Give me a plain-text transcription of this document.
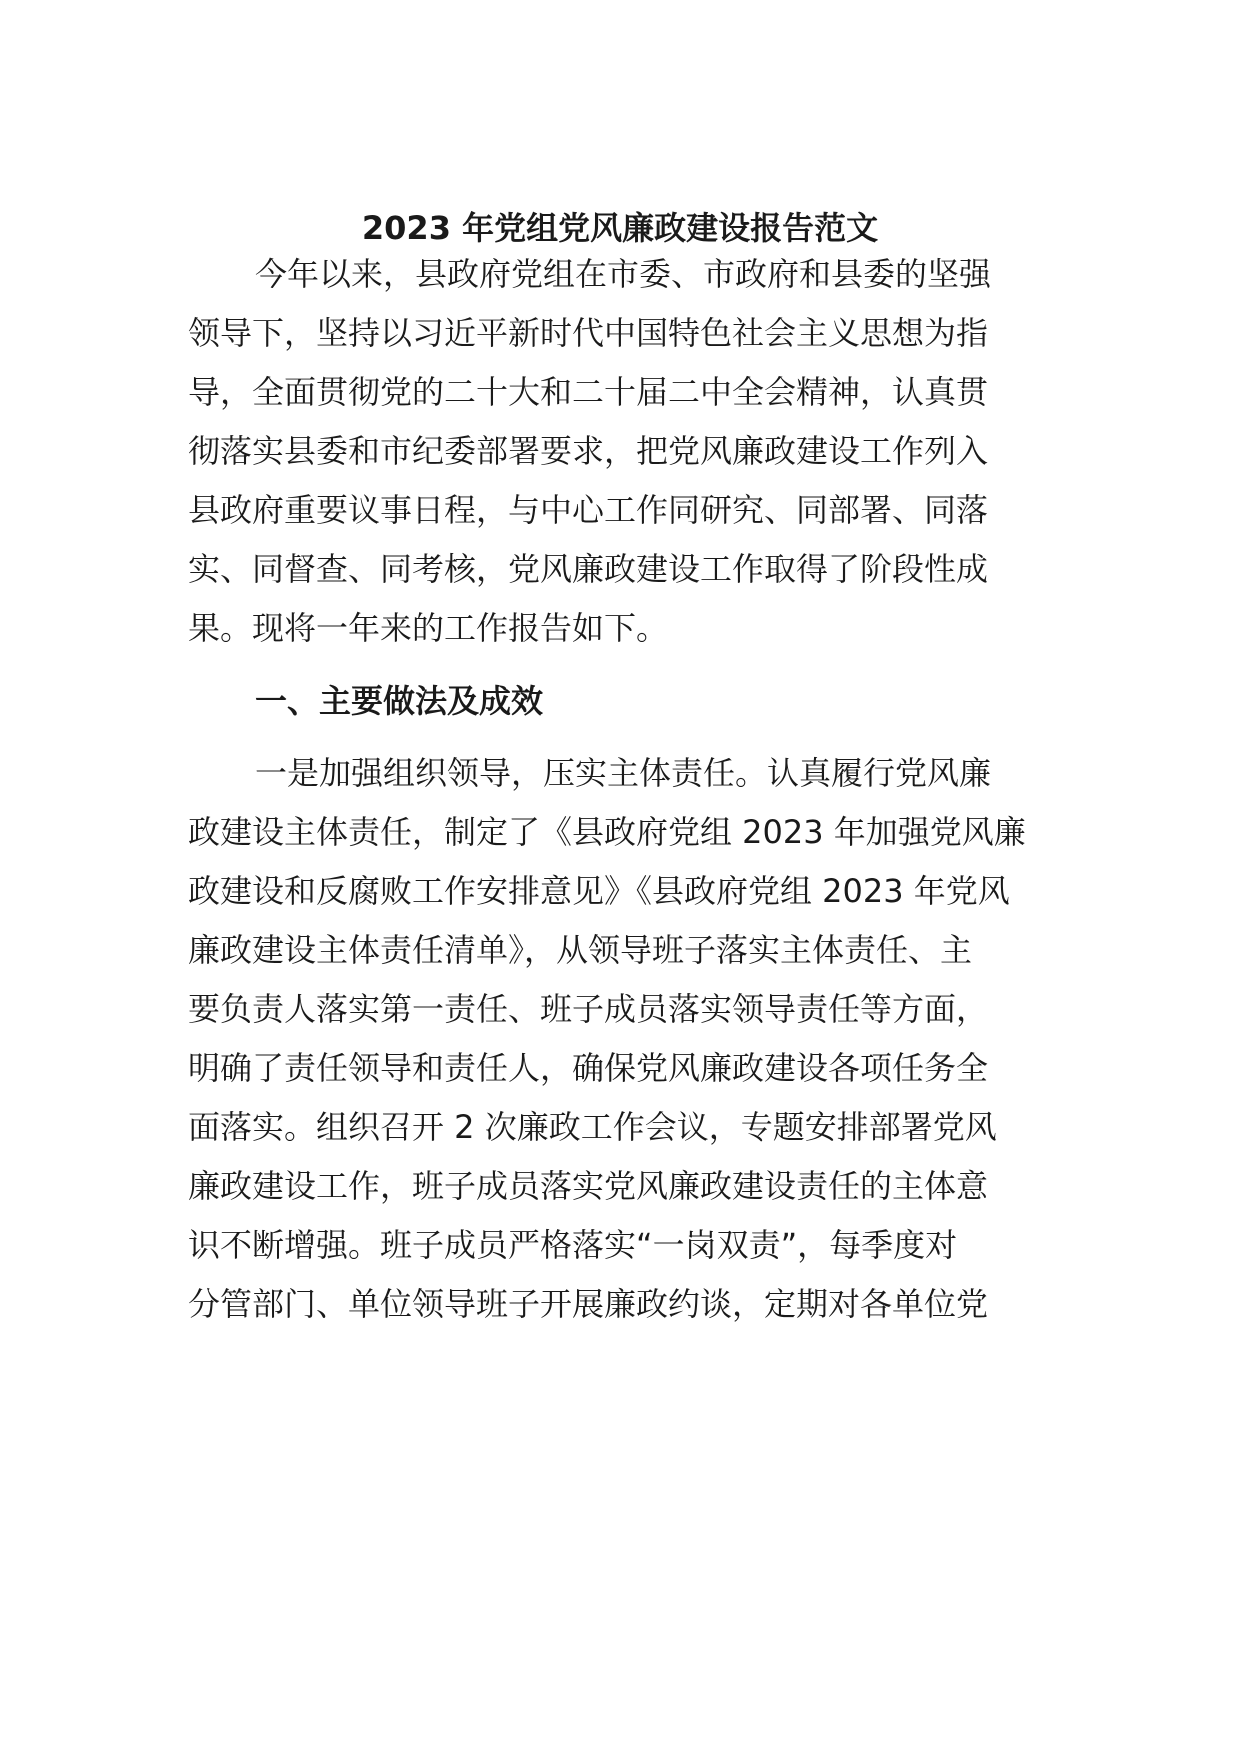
2023 年党组党风廉政建设报告范文

今年以来，县政府党组在市委、市政府和县委的坚强

领导下，坚持以习近平新时代中国特色社会主义思想为指

导，全面贯彻党的二十大和二十届二中全会精神，认真贯

彻落实县委和市纪委部署要求，把党风廉政建设工作列入

县政府重要议事日程，与中心工作同研究、同部署、同落

实、同督查、同考核，党风廉政建设工作取得了阶段性成

果。现将一年来的工作报告如下。

一、主要做法及成效

一是加强组织领导，压实主体责任。认真履行党风廉

政建设主体责任，制定了《县政府党组 2023 年加强党风廉

政建设和反腐败工作安排意见》《县政府党组 2023 年党风

廉政建设主体责任清单》，从领导班子落实主体责任、主

要负责人落实第一责任、班子成员落实领导责任等方面，

明确了责任领导和责任人，确保党风廉政建设各项任务全

面落实。组织召开 2 次廉政工作会议，专题安排部署党风

廉政建设工作，班子成员落实党风廉政建设责任的主体意

识不断增强。班子成员严格落实“一岗双责”，每季度对

分管部门、单位领导班子开展廉政约谈，定期对各单位党
